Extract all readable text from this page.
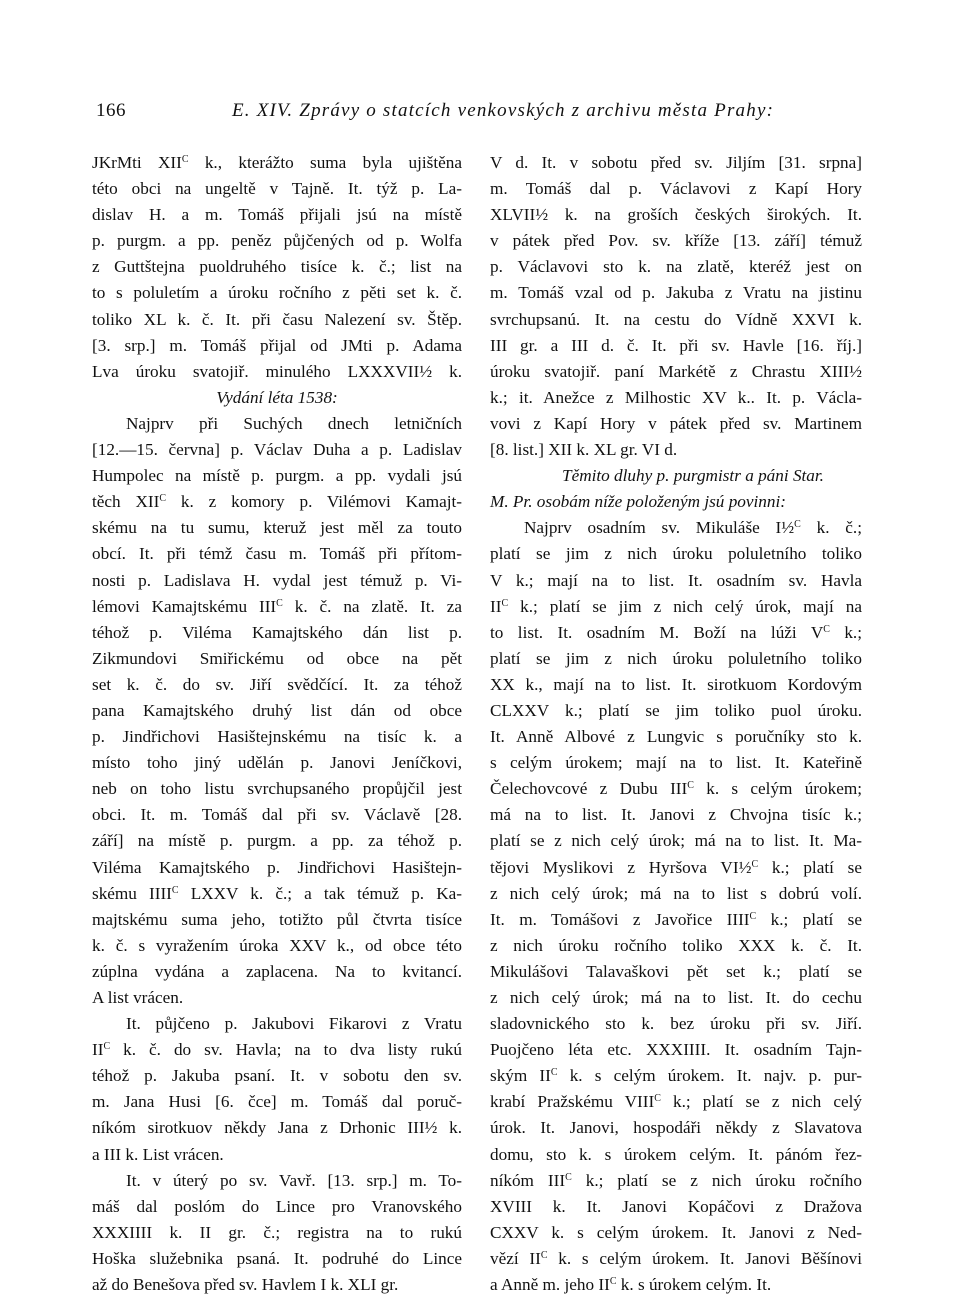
166	E. XIV. Zprávy o statcích venkovských z archivu města Prahy:
JKrMti $XII^C$ k., kterážto suma byla ujištěna
této obci na ungeltě v Tajně. It. týž p. La-
dislav H. a m. Tomáš přijali jsú na místě
p. purgm. a pp. peněz půjčených od p. Wolfa
z Guttštejna puoldruhého tisíce k. č.; list na
to s poluletím a úroku ročního z pěti set k. č.
toliko XL k. č. It. při času Nalezení sv. Štěp.
[3. srp.] m. Tomáš přijal od JMti p. Adama
Lva úroku svatojiř. minulého LXXXVII½ k.
Vydání léta 1538:
Najprv při Suchých dnech letničních
[12.—15. června] p. Václav Duha a p. Ladislav
Humpolec na místě p. purgm. a pp. vydali jsú
těch $XII^C$ k. z komory p. Vilémovi Kamajt-
skému na tu sumu, kteruž jest měl za touto
obcí. It. při témž času m. Tomáš při přítom-
nosti p. Ladislava H. vydal jest témuž p. Vi-
lémovi Kamajtskému $III^C$ k. č. na zlatě. It. za
téhož p. Viléma Kamajtského dán list p.
Zikmundovi Smiřickému od obce na pět
set k. č. do sv. Jiří svědčící. It. za téhož
pana Kamajtského druhý list dán od obce
p. Jindřichovi Hasištejnskému na tisíc k. a
místo toho jiný udělán p. Janovi Jeníčkovi,
neb on toho listu svrchupsaného propůjčil jest
obci. It. m. Tomáš dal při sv. Václavě [28.
září] na místě p. purgm. a pp. za téhož p.
Viléma Kamajtského p. Jindřichovi Hasištejn-
skému $IIII^C$ LXXV k. č.; a tak témuž p. Ka-
majtskému suma jeho, totižto půl čtvrta tisíce
k. č. s vyražením úroka XXV k., od obce této
zúplna vydána a zaplacena. Na to kvitancí.
A list vrácen.
It. půjčeno p. Jakubovi Fikarovi z Vratu
$II^C$ k. č. do sv. Havla; na to dva listy rukú
téhož p. Jakuba psaní. It. v sobotu den sv.
m. Jana Husi [6. čce] m. Tomáš dal poruč-
níkóm sirotkuov někdy Jana z Drhonic III½ k.
a III k. List vrácen.
It. v úterý po sv. Vavř. [13. srp.] m. To-
máš dal poslóm do Lince pro Vranovského
XXXIIII k. II gr. č.; registra na to rukú
Hoška služebnika psaná. It. podruhé do Lince
až do Benešova před sv. Havlem I k. XLI gr.
V d. It. v sobotu před sv. Jiljím [31. srpna]
m. Tomáš dal p. Václavovi z Kapí Hory
XLVII½ k. na groších českých širokých. It.
v pátek před Pov. sv. kříže [13. září] témuž
p. Václavovi sto k. na zlatě, kteréž jest on
m. Tomáš vzal od p. Jakuba z Vratu na jistinu
svrchupsanú. It. na cestu do Vídně XXVI k.
III gr. a III d. č. It. při sv. Havle [16. říj.]
úroku svatojiř. paní Markétě z Chrastu XIII½
k.; it. Anežce z Milhostic XV k.. It. p. Václa-
vovi z Kapí Hory v pátek před sv. Martinem
[8. list.] XII k. XL gr. VI d.
Těmito dluhy p. purgmistr a páni Star.
M. Pr. osobám níže položeným jsú povinni:
Najprv osadním sv. Mikuláše I½$^C$ k. č.;
platí se jim z nich úroku poluletního toliko
V k.; mají na to list. It. osadním sv. Havla
$II^C$ k.; platí se jim z nich celý úrok, mají na
to list. It. osadním M. Boží na lúži $V^C$ k.;
platí se jim z nich úroku poluletního toliko
XX k., mají na to list. It. sirotkuom Kordovým
CLXXV k.; platí se jim toliko puol úroku.
It. Anně Albové z Lungvic s poručníky sto k.
s celým úrokem; mají na to list. It. Kateřině
Čelechovcové z Dubu $III^C$ k. s celým úrokem;
má na to list. It. Janovi z Chvojna tisíc k.;
platí se z nich celý úrok; má na to list. It. Ma-
tějovi Myslikovi z Hyršova VI½$^C$ k.; platí se
z nich celý úrok; má na to list s dobrú volí.
It. m. Tomášovi z Javořice $IIII^C$ k.; platí se
z nich úroku ročního toliko XXX k. č. It.
Mikulášovi Talavaškovi pět set k.; platí se
z nich celý úrok; má na to list. It. do cechu
sladovnického sto k. bez úroku při sv. Jiří.
Puojčeno léta etc. XXXIIII. It. osadním Tajn-
ským $II^C$ k. s celým úrokem. It. najv. p. pur-
krabí Pražskému $VIII^C$ k.; platí se z nich celý
úrok. It. Janovi, hospodáři někdy z Slavatova
domu, sto k. s úrokem celým. It. pánóm řez-
níkóm $III^C$ k.; platí se z nich úroku ročního
XVIII k. It. Janovi Kopáčovi z Dražova
CXXV k. s celým úrokem. It. Janovi z Ned-
vězí $II^C$ k. s celým úrokem. It. Janovi Běšínovi
a Anně m. jeho $II^C$ k. s úrokem celým. It.
